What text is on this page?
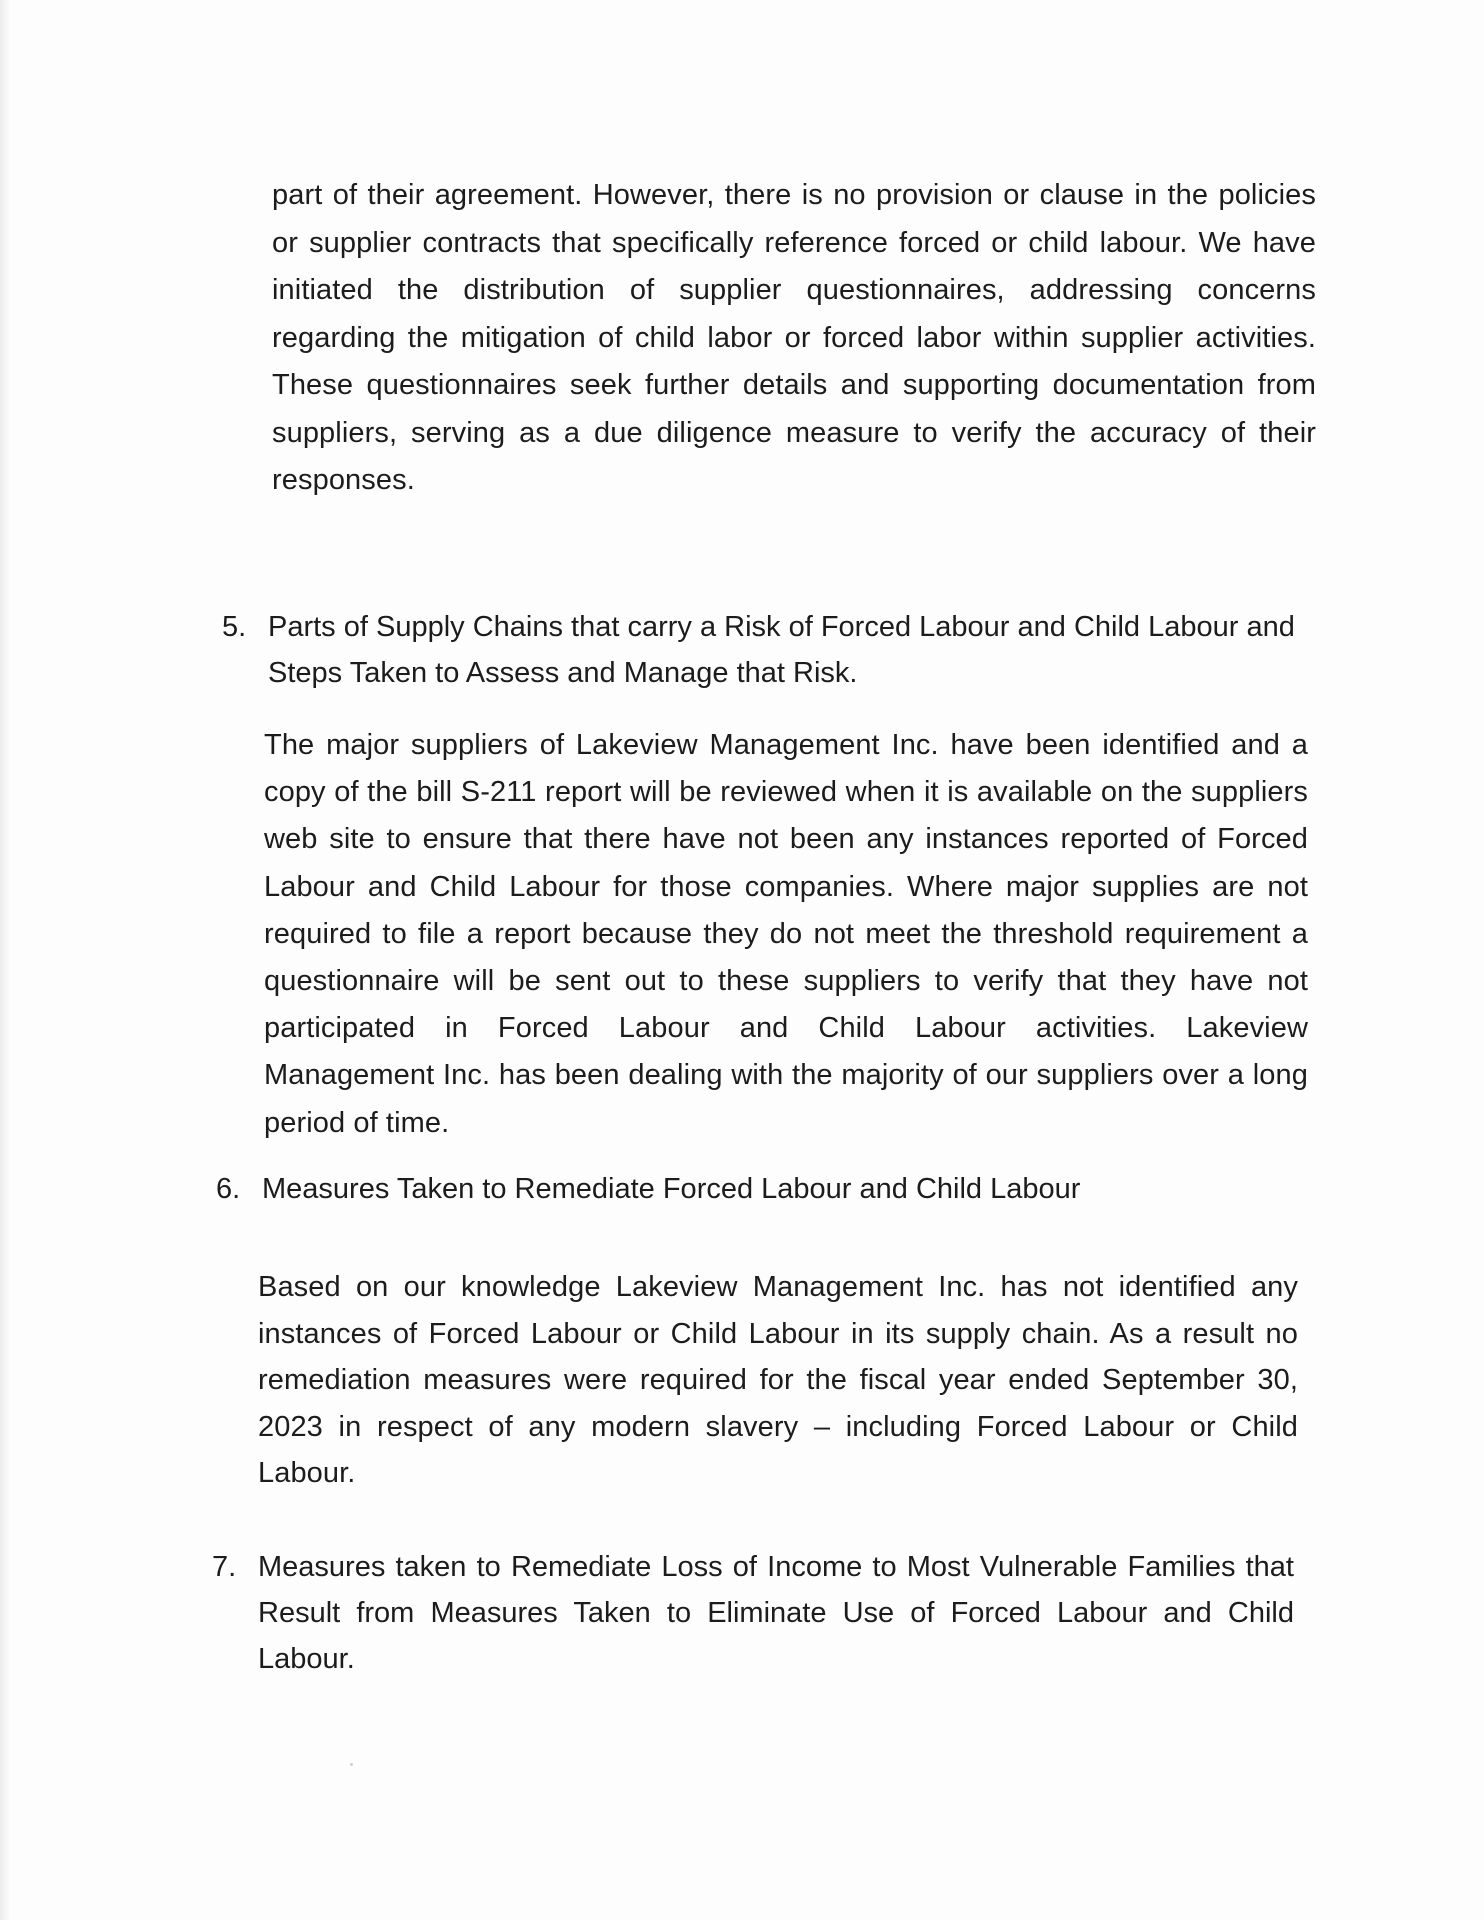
part of their agreement. However, there is no provision or clause in the policies or supplier contracts that specifically reference forced or child labour. We have initiated the distribution of supplier questionnaires, addressing concerns regarding the mitigation of child labor or forced labor within supplier activities. These questionnaires seek further details and supporting documentation from suppliers, serving as a due diligence measure to verify the accuracy of their responses.

5. Parts of Supply Chains that carry a Risk of Forced Labour and Child Labour and Steps Taken to Assess and Manage that Risk.

The major suppliers of Lakeview Management Inc. have been identified and a copy of the bill S-211 report will be reviewed when it is available on the suppliers web site to ensure that there have not been any instances reported of Forced Labour and Child Labour for those companies. Where major supplies are not required to file a report because they do not meet the threshold requirement a questionnaire will be sent out to these suppliers to verify that they have not participated in Forced Labour and Child Labour activities. Lakeview Management Inc. has been dealing with the majority of our suppliers over a long period of time.

6. Measures Taken to Remediate Forced Labour and Child Labour

Based on our knowledge Lakeview Management Inc. has not identified any instances of Forced Labour or Child Labour in its supply chain. As a result no remediation measures were required for the fiscal year ended September 30, 2023 in respect of any modern slavery – including Forced Labour or Child Labour.

7. Measures taken to Remediate Loss of Income to Most Vulnerable Families that Result from Measures Taken to Eliminate Use of Forced Labour and Child Labour.
